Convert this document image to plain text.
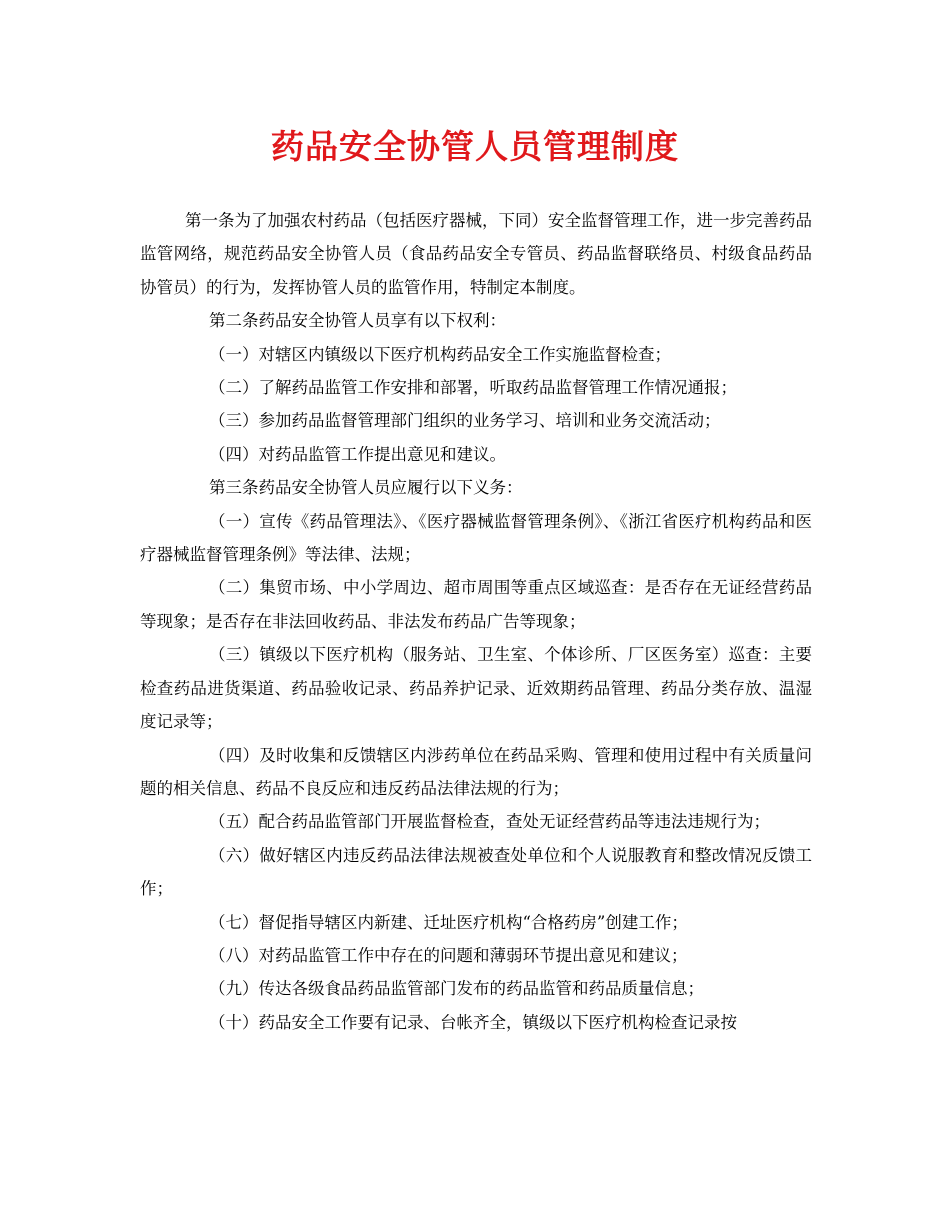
药品安全协管人员管理制度

第一条为了加强农村药品（包括医疗器械，下同）安全监督管理工作，进一步完善药品监管网络，规范药品安全协管人员（食品药品安全专管员、药品监督联络员、村级食品药品协管员）的行为，发挥协管人员的监管作用，特制定本制度。

第二条药品安全协管人员享有以下权利：

（一）对辖区内镇级以下医疗机构药品安全工作实施监督检查；

（二）了解药品监管工作安排和部署，听取药品监督管理工作情况通报；

（三）参加药品监督管理部门组织的业务学习、培训和业务交流活动；

（四）对药品监管工作提出意见和建议。

第三条药品安全协管人员应履行以下义务：

（一）宣传《药品管理法》、《医疗器械监督管理条例》、《浙江省医疗机构药品和医疗器械监督管理条例》等法律、法规；

（二）集贸市场、中小学周边、超市周围等重点区域巡查：是否存在无证经营药品等现象；是否存在非法回收药品、非法发布药品广告等现象；

（三）镇级以下医疗机构（服务站、卫生室、个体诊所、厂区医务室）巡查：主要检查药品进货渠道、药品验收记录、药品养护记录、近效期药品管理、药品分类存放、温湿度记录等；

（四）及时收集和反馈辖区内涉药单位在药品采购、管理和使用过程中有关质量问题的相关信息、药品不良反应和违反药品法律法规的行为；

（五）配合药品监管部门开展监督检查，查处无证经营药品等违法违规行为；

（六）做好辖区内违反药品法律法规被查处单位和个人说服教育和整改情况反馈工作；

（七）督促指导辖区内新建、迁址医疗机构“合格药房”创建工作；

（八）对药品监管工作中存在的问题和薄弱环节提出意见和建议；

（九）传达各级食品药品监管部门发布的药品监管和药品质量信息；

（十）药品安全工作要有记录、台帐齐全，镇级以下医疗机构检查记录按
